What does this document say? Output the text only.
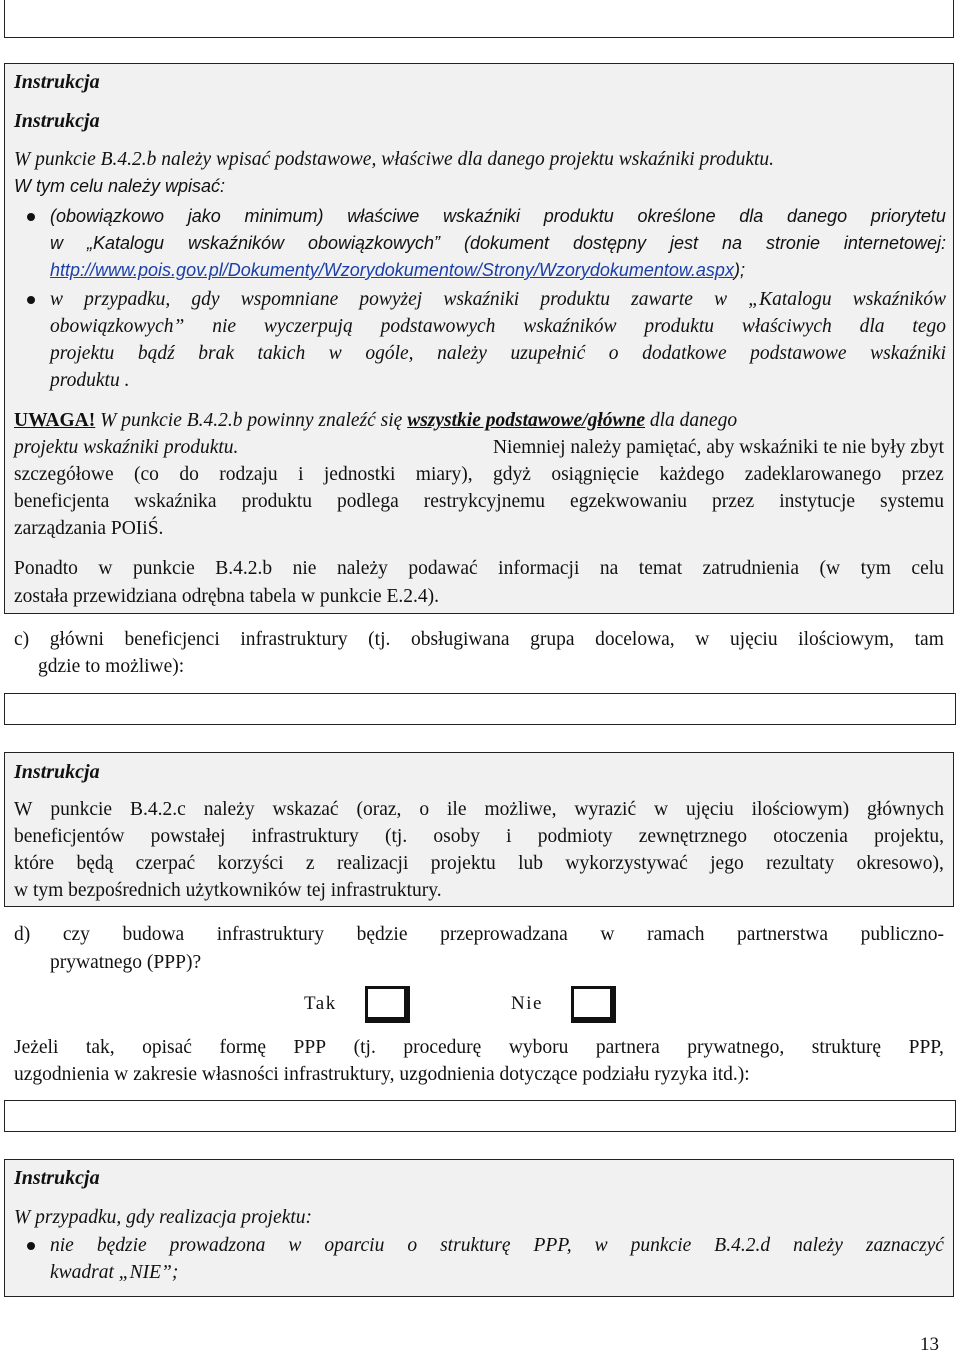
Instrukcja
Instrukcja
W punkcie B.4.2.b należy wpisać podstawowe, właściwe dla danego projektu wskaźniki produktu.
W tym celu należy wpisać:
(obowiązkowo jako minimum) właściwe wskaźniki produktu określone dla danego priorytetu
w „Katalogu wskaźników obowiązkowych” (dokument dostępny jest na stronie internetowej:
http://www.pois.gov.pl/Dokumenty/Wzorydokumentow/Strony/Wzorydokumentow.aspx);
w przypadku, gdy wspomniane powyżej wskaźniki produktu zawarte w „Katalogu wskaźników
obowiązkowych” nie wyczerpują podstawowych wskaźników produktu właściwych dla tego
projektu bądź brak takich w ogóle, należy uzupełnić o dodatkowe podstawowe wskaźniki
produktu .
UWAGA! W punkcie B.4.2.b powinny znaleźć się wszystkie podstawowe/główne dla danego
projektu wskaźniki produktu.	Niemniej należy pamiętać, aby wskaźniki te nie były zbyt
szczegółowe (co do rodzaju i jednostki miary), gdyż osiągnięcie każdego zadeklarowanego przez
beneficjenta wskaźnika produktu podlega restrykcyjnemu egzekwowaniu przez instytucje systemu
zarządzania POIiŚ.
Ponadto w punkcie B.4.2.b nie należy podawać informacji na temat zatrudnienia (w tym celu
została przewidziana odrębna tabela w punkcie E.2.4).
c) główni beneficjenci infrastruktury (tj. obsługiwana grupa docelowa, w ujęciu ilościowym, tam
gdzie to możliwe):
Instrukcja
W punkcie B.4.2.c należy wskazać (oraz, o ile możliwe, wyrazić w ujęciu ilościowym) głównych
beneficjentów powstałej infrastruktury (tj. osoby i podmioty zewnętrznego otoczenia projektu,
które będą czerpać korzyści z realizacji projektu lub wykorzystywać jego rezultaty okresowo),
w tym bezpośrednich użytkowników tej infrastruktury.
d) czy budowa infrastruktury będzie przeprowadzana w ramach partnerstwa publiczno-
prywatnego (PPP)?
Tak	Nie
Jeżeli tak, opisać formę PPP (tj. procedurę wyboru partnera prywatnego, strukturę PPP,
uzgodnienia w zakresie własności infrastruktury, uzgodnienia dotyczące podziału ryzyka itd.):
Instrukcja
W przypadku, gdy realizacja projektu:
nie będzie prowadzona w oparciu o strukturę PPP, w punkcie B.4.2.d należy zaznaczyć
kwadrat „NIE”;
13
